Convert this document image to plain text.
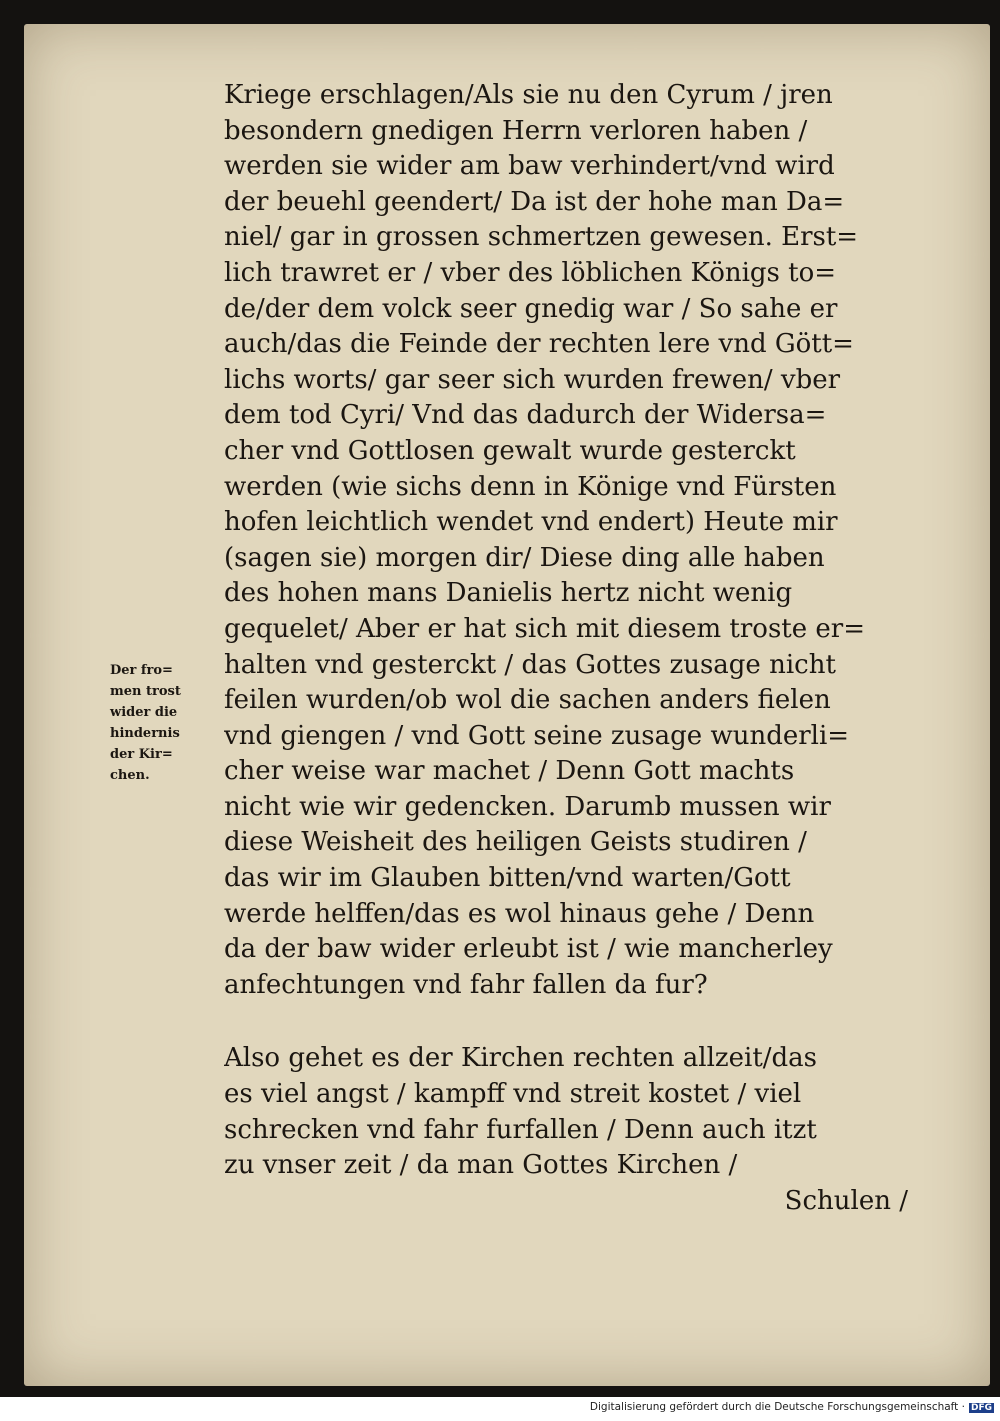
Der fro=
men trost
wider die
hindernis
der Kir=
chen.
Kriege erschlagen/Als sie nu den Cyrum / jren
besondern gnedigen Herrn verloren haben /
werden sie wider am baw verhindert/vnd wird
der beuehl geendert/ Da ist der hohe man Da=
niel/ gar in grossen schmertzen gewesen. Erst=
lich trawret er / vber des löblichen Königs to=
de/der dem volck seer gnedig war / So sahe er
auch/das die Feinde der rechten lere vnd Gött=
lichs worts/ gar seer sich wurden frewen/ vber
dem tod Cyri/ Vnd das dadurch der Widersa=
cher vnd Gottlosen gewalt wurde gesterckt
werden (wie sichs denn in Könige vnd Fürsten
hofen leichtlich wendet vnd endert) Heute mir
(sagen sie) morgen dir/ Diese ding alle haben
des hohen mans Danielis hertz nicht wenig
gequelet/ Aber er hat sich mit diesem troste er=
halten vnd gesterckt / das Gottes zusage nicht
feilen wurden/ob wol die sachen anders fielen
vnd giengen / vnd Gott seine zusage wunderli=
cher weise war machet / Denn Gott machts
nicht wie wir gedencken. Darumb mussen wir
diese Weisheit des heiligen Geists studiren /
das wir im Glauben bitten/vnd warten/Gott
werde helffen/das es wol hinaus gehe / Denn
da der baw wider erleubt ist / wie mancherley
anfechtungen vnd fahr fallen da fur?
Also gehet es der Kirchen rechten allzeit/das
es viel angst / kampff vnd streit kostet / viel
schrecken vnd fahr furfallen / Denn auch itzt
zu vnser zeit / da man Gottes Kirchen /
Schulen /
Digitalisierung gefördert durch die Deutsche Forschungsgemeinschaft · DFG
